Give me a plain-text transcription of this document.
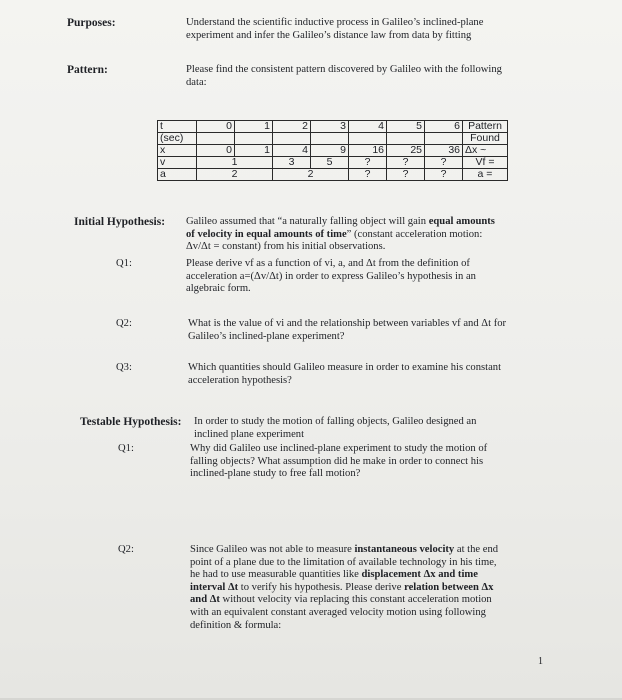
Purposes:	Understand the scientific inductive process in Galileo’s inclined-plane
experiment and infer the Galileo’s distance law from data by fitting
Pattern:	Please find the consistent pattern discovered by Galileo with the following
data:
t	0	1	2	3	4	5	6	Pattern
(sec)								Found
x	0	1	4	9	16	25	36	Δx ~
v	1		3	5	?	?	?	Vf =
a	2		2		?	?	?	a =
Initial Hypothesis: Galileo assumed that “a naturally falling object will gain equal amounts
of velocity in equal amounts of time” (constant acceleration motion:
Δv/Δt = constant) from his initial observations.
Q1:	Please derive vf as a function of vi, a, and Δt from the definition of
acceleration a=(Δv/Δt) in order to express Galileo’s hypothesis in an
algebraic form.
Q2:	What is the value of vi and the relationship between variables vf and Δt for
Galileo’s inclined-plane experiment?
Q3:	Which quantities should Galileo measure in order to examine his constant
acceleration hypothesis?
Testable Hypothesis: In order to study the motion of falling objects, Galileo designed an
inclined plane experiment
Q1:	Why did Galileo use inclined-plane experiment to study the motion of
falling objects? What assumption did he make in order to connect his
inclined-plane study to free fall motion?
Q2:	Since Galileo was not able to measure instantaneous velocity at the end
point of a plane due to the limitation of available technology in his time,
he had to use measurable quantities like displacement Δx and time
interval Δt to verify his hypothesis. Please derive relation between Δx
and Δt without velocity via replacing this constant acceleration motion
with an equivalent constant averaged velocity motion using following
definition & formula:
1
